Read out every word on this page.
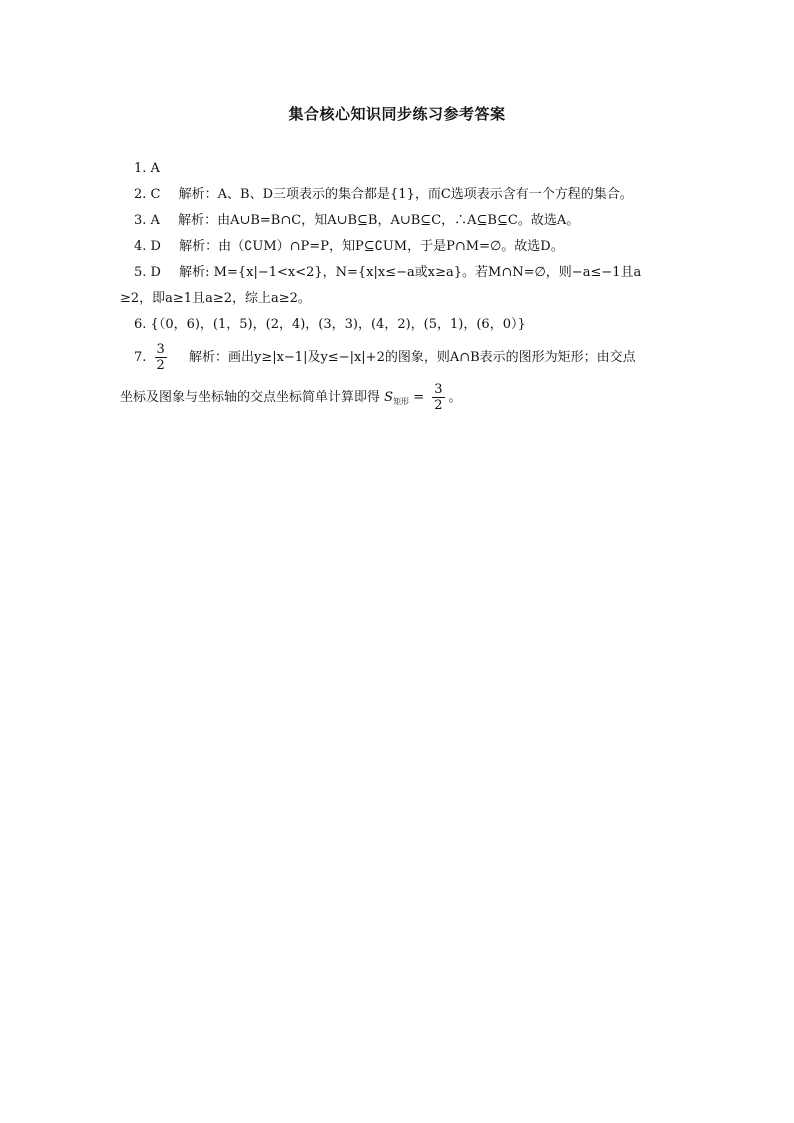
集合核心知识同步练习参考答案
1. A
2. C 解析：A、B、D三项表示的集合都是{1}，而C选项表示含有一个方程的集合。
3. A 解析：由A∪B=B∩C，知A∪B⊆B，A∪B⊆C，∴A⊆B⊆C。故选A。
4. D 解析：由（∁UM）∩P=P，知P⊆∁UM，于是P∩M=∅。故选D。
5. D 解析: M={x|−1<x<2}，N={x|x≤−a或x≥a}。若M∩N=∅，则−a≤−1且a
≥2，即a≥1且a≥2，综上a≥2。
6. {（0，6)，(1，5)，(2，4)，(3，3)，(4，2)，(5，1)，(6，0）}
7. $\frac{3}{2}$ 解析：画出y≥|x−1|及y≤−|x|+2的图象，则A∩B表示的图形为矩形；由交点
坐标及图象与坐标轴的交点坐标简单计算即得 $S_{矩形} = \frac{3}{2}$ 。
